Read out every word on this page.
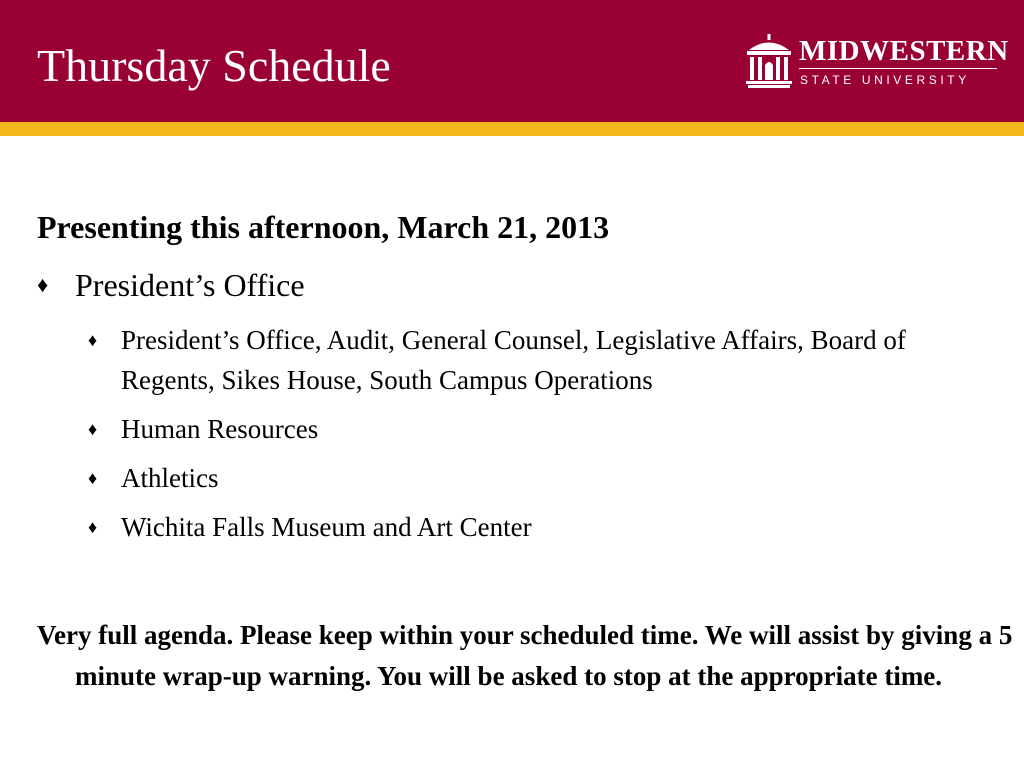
Thursday Schedule	MIDWESTERN
STATE UNIVERSITY
Presenting this afternoon, March 21, 2013
♦ President’s Office
♦ President’s Office, Audit, General Counsel, Legislative Affairs, Board of Regents, Sikes House, South Campus Operations
♦ Human Resources
♦ Athletics
♦ Wichita Falls Museum and Art Center

Very full agenda. Please keep within your scheduled time. We will assist by giving a 5 minute wrap-up warning. You will be asked to stop at the appropriate time.
